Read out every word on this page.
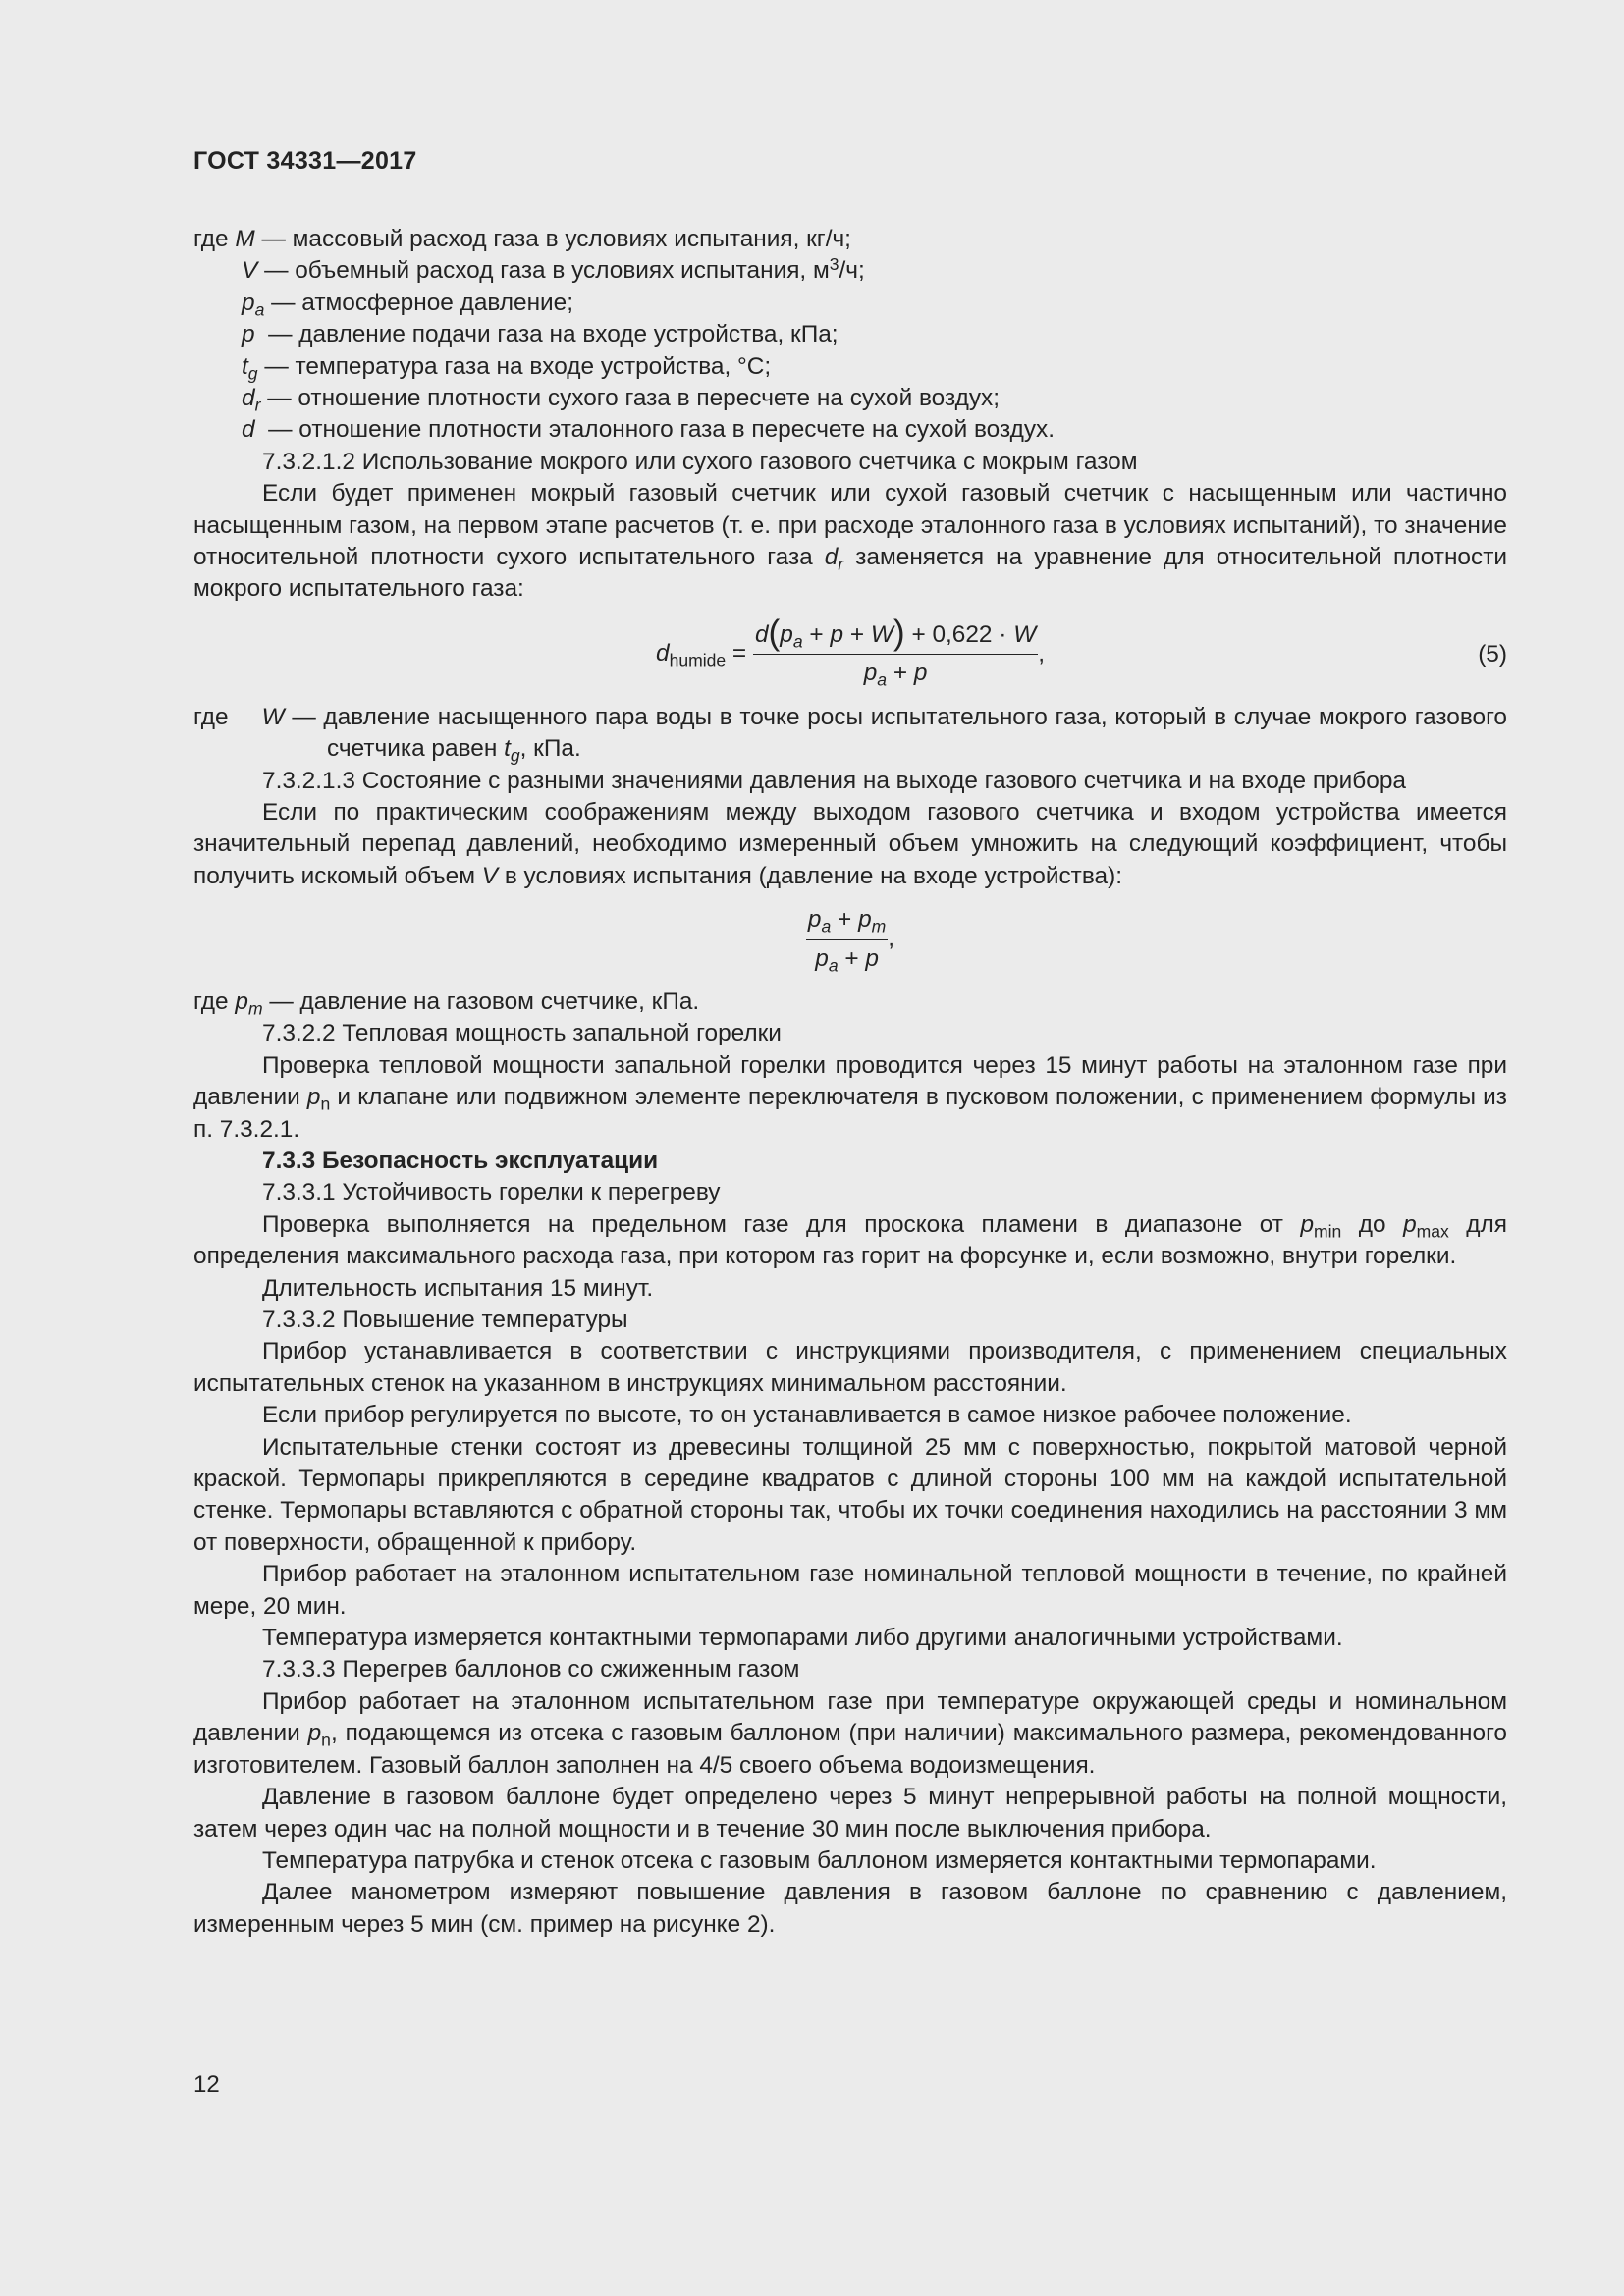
ГОСТ 34331—2017

где M — массовый расход газа в условиях испытания, кг/ч;

V — объемный расход газа в условиях испытания, $м^3/ч$;

$p_a$ — атмосферное давление;

p — давление подачи газа на входе устройства, кПа;

$t_g$ — температура газа на входе устройства, °С;

$d_r$ — отношение плотности сухого газа в пересчете на сухой воздух;

d — отношение плотности эталонного газа в пересчете на сухой воздух.

7.3.2.1.2 Использование мокрого или сухого газового счетчика с мокрым газом

Если будет применен мокрый газовый счетчик или сухой газовый счетчик с насыщенным или частично насыщенным газом, на первом этапе расчетов (т. е. при расходе эталонного газа в условиях испытаний), то значение относительной плотности сухого испытательного газа $d_r$ заменяется на уравнение для относительной плотности мокрого испытательного газа:

$d_{humide} = \frac{d(p_a + p + W) + 0,622 \cdot W}{p_a + p}$ ,	(5)

где W — давление насыщенного пара воды в точке росы испытательного газа, который в случае мокрого газового счетчика равен $t_g$, кПа.

7.3.2.1.3 Состояние с разными значениями давления на выходе газового счетчика и на входе прибора

Если по практическим соображениям между выходом газового счетчика и входом устройства имеется значительный перепад давлений, необходимо измеренный объем умножить на следующий коэффициент, чтобы получить искомый объем V в условиях испытания (давление на входе устройства):

$\frac{p_a + p_m}{p_a + p}$ ,

где $p_m$ — давление на газовом счетчике, кПа.

7.3.2.2 Тепловая мощность запальной горелки

Проверка тепловой мощности запальной горелки проводится через 15 минут работы на эталонном газе при давлении $p_n$ и клапане или подвижном элементе переключателя в пусковом положении, с применением формулы из п. 7.3.2.1.

7.3.3 Безопасность эксплуатации

7.3.3.1 Устойчивость горелки к перегреву

Проверка выполняется на предельном газе для проскока пламени в диапазоне от $p_{min}$ до $p_{max}$ для определения максимального расхода газа, при котором газ горит на форсунке и, если возможно, внутри горелки.

Длительность испытания 15 минут.

7.3.3.2 Повышение температуры

Прибор устанавливается в соответствии с инструкциями производителя, с применением специальных испытательных стенок на указанном в инструкциях минимальном расстоянии.

Если прибор регулируется по высоте, то он устанавливается в самое низкое рабочее положение.

Испытательные стенки состоят из древесины толщиной 25 мм с поверхностью, покрытой матовой черной краской. Термопары прикрепляются в середине квадратов с длиной стороны 100 мм на каждой испытательной стенке. Термопары вставляются с обратной стороны так, чтобы их точки соединения находились на расстоянии 3 мм от поверхности, обращенной к прибору.

Прибор работает на эталонном испытательном газе номинальной тепловой мощности в течение, по крайней мере, 20 мин.

Температура измеряется контактными термопарами либо другими аналогичными устройствами.

7.3.3.3 Перегрев баллонов со сжиженным газом

Прибор работает на эталонном испытательном газе при температуре окружающей среды и номинальном давлении $p_n$, подающемся из отсека с газовым баллоном (при наличии) максимального размера, рекомендованного изготовителем. Газовый баллон заполнен на 4/5 своего объема водоизмещения.

Давление в газовом баллоне будет определено через 5 минут непрерывной работы на полной мощности, затем через один час на полной мощности и в течение 30 мин после выключения прибора.

Температура патрубка и стенок отсека с газовым баллоном измеряется контактными термопарами.

Далее манометром измеряют повышение давления в газовом баллоне по сравнению с давлением, измеренным через 5 мин (см. пример на рисунке 2).

12
